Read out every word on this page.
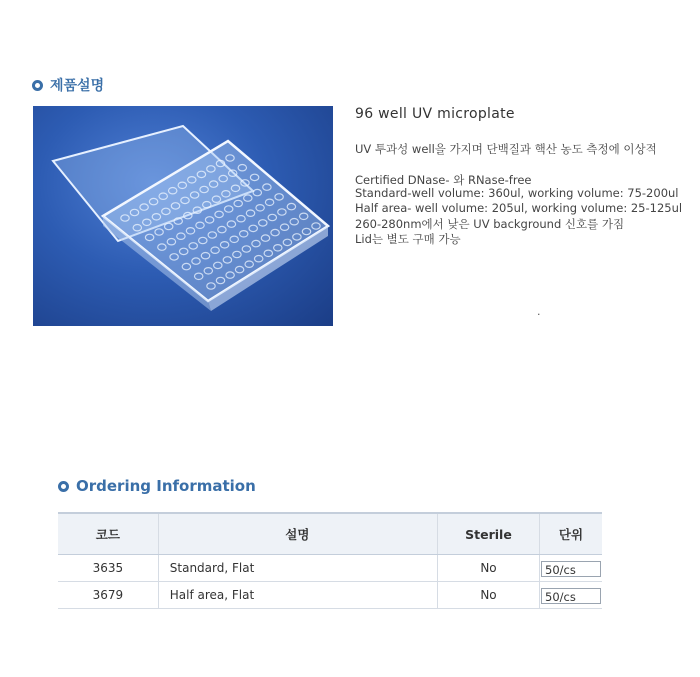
제품설명
96 well UV microplate
UV 투과성 well을 가지며 단백질과 핵산 농도 측정에 이상적
Certified DNase- 와 RNase-free
Standard-well volume: 360ul, working volume: 75-200ul
Half area- well volume: 205ul, working volume: 25-125ul
260-280nm에서 낮은 UV background 신호를 가짐
Lid는 별도 구매 가능
.
Ordering Information
코드	설명	Sterile	단위
3635	Standard, Flat	No	50/cs
3679	Half area, Flat	No	50/cs
